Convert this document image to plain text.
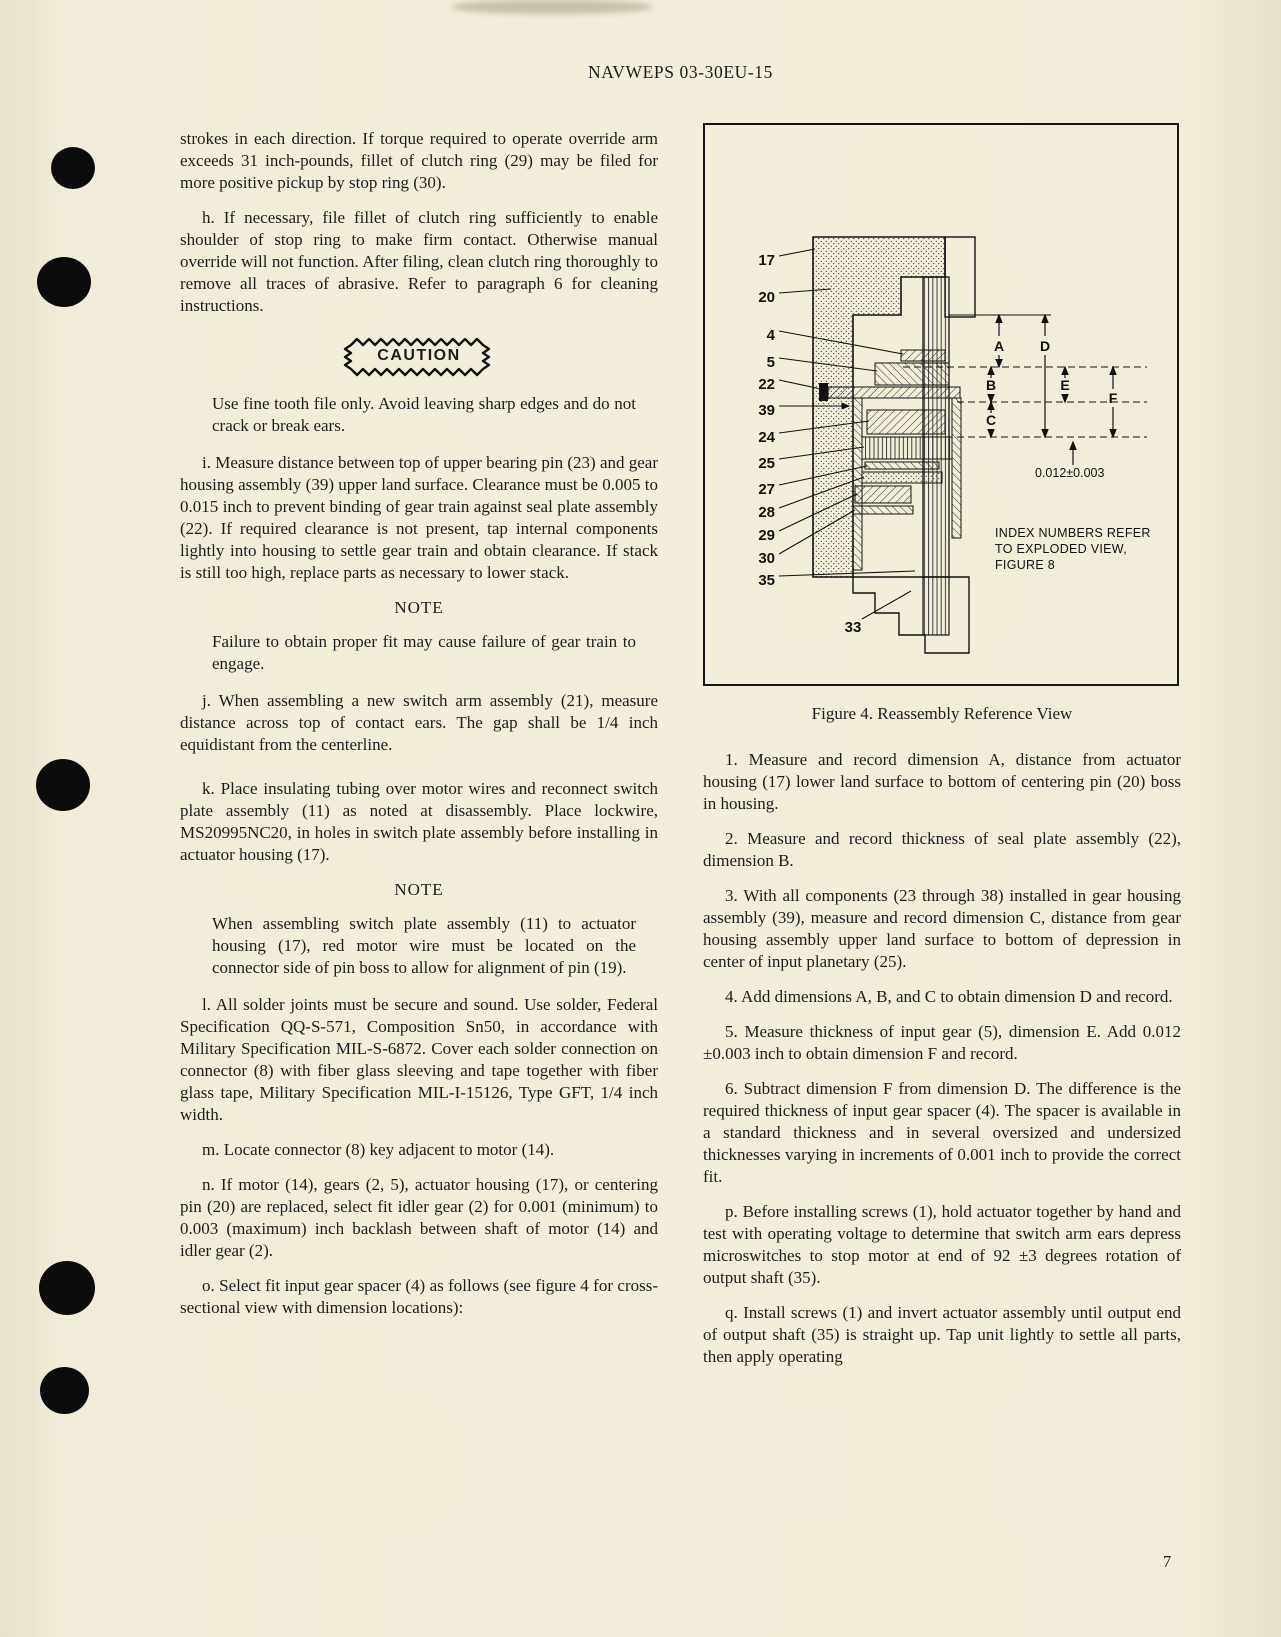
NAVWEPS 03-30EU-15

strokes in each direction. If torque required to operate override arm exceeds 31 inch-pounds, fillet of clutch ring (29) may be filed for more positive pickup by stop ring (30).

h. If necessary, file fillet of clutch ring sufficiently to enable shoulder of stop ring to make firm contact. Otherwise manual override will not function. After filing, clean clutch ring thoroughly to remove all traces of abrasive. Refer to paragraph 6 for cleaning instructions.

CAUTION

Use fine tooth file only. Avoid leaving sharp edges and do not crack or break ears.

i. Measure distance between top of upper bearing pin (23) and gear housing assembly (39) upper land surface. Clearance must be 0.005 to 0.015 inch to prevent binding of gear train against seal plate assembly (22). If required clearance is not present, tap internal components lightly into housing to settle gear train and obtain clearance. If stack is still too high, replace parts as necessary to lower stack.

NOTE

Failure to obtain proper fit may cause failure of gear train to engage.

j. When assembling a new switch arm assembly (21), measure distance across top of contact ears. The gap shall be 1/4 inch equidistant from the centerline.

k. Place insulating tubing over motor wires and reconnect switch plate assembly (11) as noted at disassembly. Place lockwire, MS20995NC20, in holes in switch plate assembly before installing in actuator housing (17).

NOTE

When assembling switch plate assembly (11) to actuator housing (17), red motor wire must be located on the connector side of pin boss to allow for alignment of pin (19).

l. All solder joints must be secure and sound. Use solder, Federal Specification QQ-S-571, Composition Sn50, in accordance with Military Specification MIL-S-6872. Cover each solder connection on connector (8) with fiber glass sleeving and tape together with fiber glass tape, Military Specification MIL-I-15126, Type GFT, 1/4 inch width.

m. Locate connector (8) key adjacent to motor (14).

n. If motor (14), gears (2, 5), actuator housing (17), or centering pin (20) are replaced, select fit idler gear (2) for 0.001 (minimum) to 0.003 (maximum) inch backlash between shaft of motor (14) and idler gear (2).

o. Select fit input gear spacer (4) as follows (see figure 4 for cross-sectional view with dimension locations):

17
20
4
5
22
39
24
25
27
28
29
30
35
33
A	D
B	E
F
C
0.012±0.003
INDEX NUMBERS REFER
TO EXPLODED VIEW,
FIGURE 8

Figure 4. Reassembly Reference View

1. Measure and record dimension A, distance from actuator housing (17) lower land surface to bottom of centering pin (20) boss in housing.

2. Measure and record thickness of seal plate assembly (22), dimension B.

3. With all components (23 through 38) installed in gear housing assembly (39), measure and record dimension C, distance from gear housing assembly upper land surface to bottom of depression in center of input planetary (25).

4. Add dimensions A, B, and C to obtain dimension D and record.

5. Measure thickness of input gear (5), dimension E. Add 0.012 ±0.003 inch to obtain dimension F and record.

6. Subtract dimension F from dimension D. The difference is the required thickness of input gear spacer (4). The spacer is available in a standard thickness and in several oversized and undersized thicknesses varying in increments of 0.001 inch to provide the correct fit.

p. Before installing screws (1), hold actuator together by hand and test with operating voltage to determine that switch arm ears depress microswitches to stop motor at end of 92 ±3 degrees rotation of output shaft (35).

q. Install screws (1) and invert actuator assembly until output end of output shaft (35) is straight up. Tap unit lightly to settle all parts, then apply operating

7
